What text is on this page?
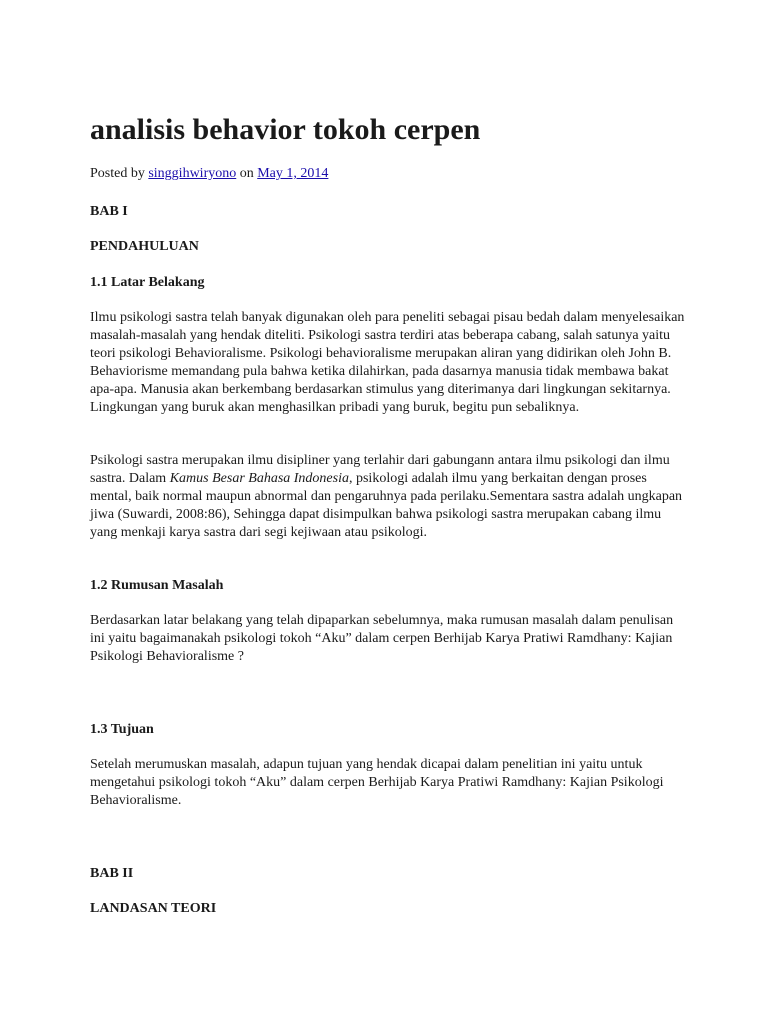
analisis behavior tokoh cerpen
Posted by singgihwiryono on May 1, 2014
BAB I
PENDAHULUAN
1.1 Latar Belakang

Ilmu psikologi sastra telah banyak digunakan oleh para peneliti sebagai pisau bedah dalam menyelesaikan masalah-masalah yang hendak diteliti. Psikologi sastra terdiri atas beberapa cabang, salah satunya yaitu teori psikologi Behavioralisme. Psikologi behavioralisme merupakan aliran yang didirikan oleh John B. Behaviorisme memandang pula bahwa ketika dilahirkan, pada dasarnya manusia tidak membawa bakat apa-apa. Manusia akan berkembang berdasarkan stimulus yang diterimanya dari lingkungan sekitarnya. Lingkungan yang buruk akan menghasilkan pribadi yang buruk, begitu pun sebaliknya.

Psikologi sastra merupakan ilmu disipliner yang terlahir dari gabungann antara ilmu psikologi dan ilmu sastra. Dalam Kamus Besar Bahasa Indonesia, psikologi adalah ilmu yang berkaitan dengan proses mental, baik normal maupun abnormal dan pengaruhnya pada perilaku.Sementara sastra adalah ungkapan jiwa (Suwardi, 2008:86), Sehingga dapat disimpulkan bahwa psikologi sastra merupakan cabang ilmu yang menkaji karya sastra dari segi kejiwaan atau psikologi.

1.2 Rumusan Masalah

Berdasarkan latar belakang yang telah dipaparkan sebelumnya, maka rumusan masalah dalam penulisan ini yaitu bagaimanakah psikologi tokoh “Aku” dalam cerpen Berhijab Karya Pratiwi Ramdhany: Kajian Psikologi Behavioralisme ?

1.3 Tujuan

Setelah merumuskan masalah, adapun tujuan yang hendak dicapai dalam penelitian ini yaitu untuk mengetahui psikologi tokoh “Aku” dalam cerpen Berhijab Karya Pratiwi Ramdhany: Kajian Psikologi Behavioralisme.

BAB II
LANDASAN TEORI
